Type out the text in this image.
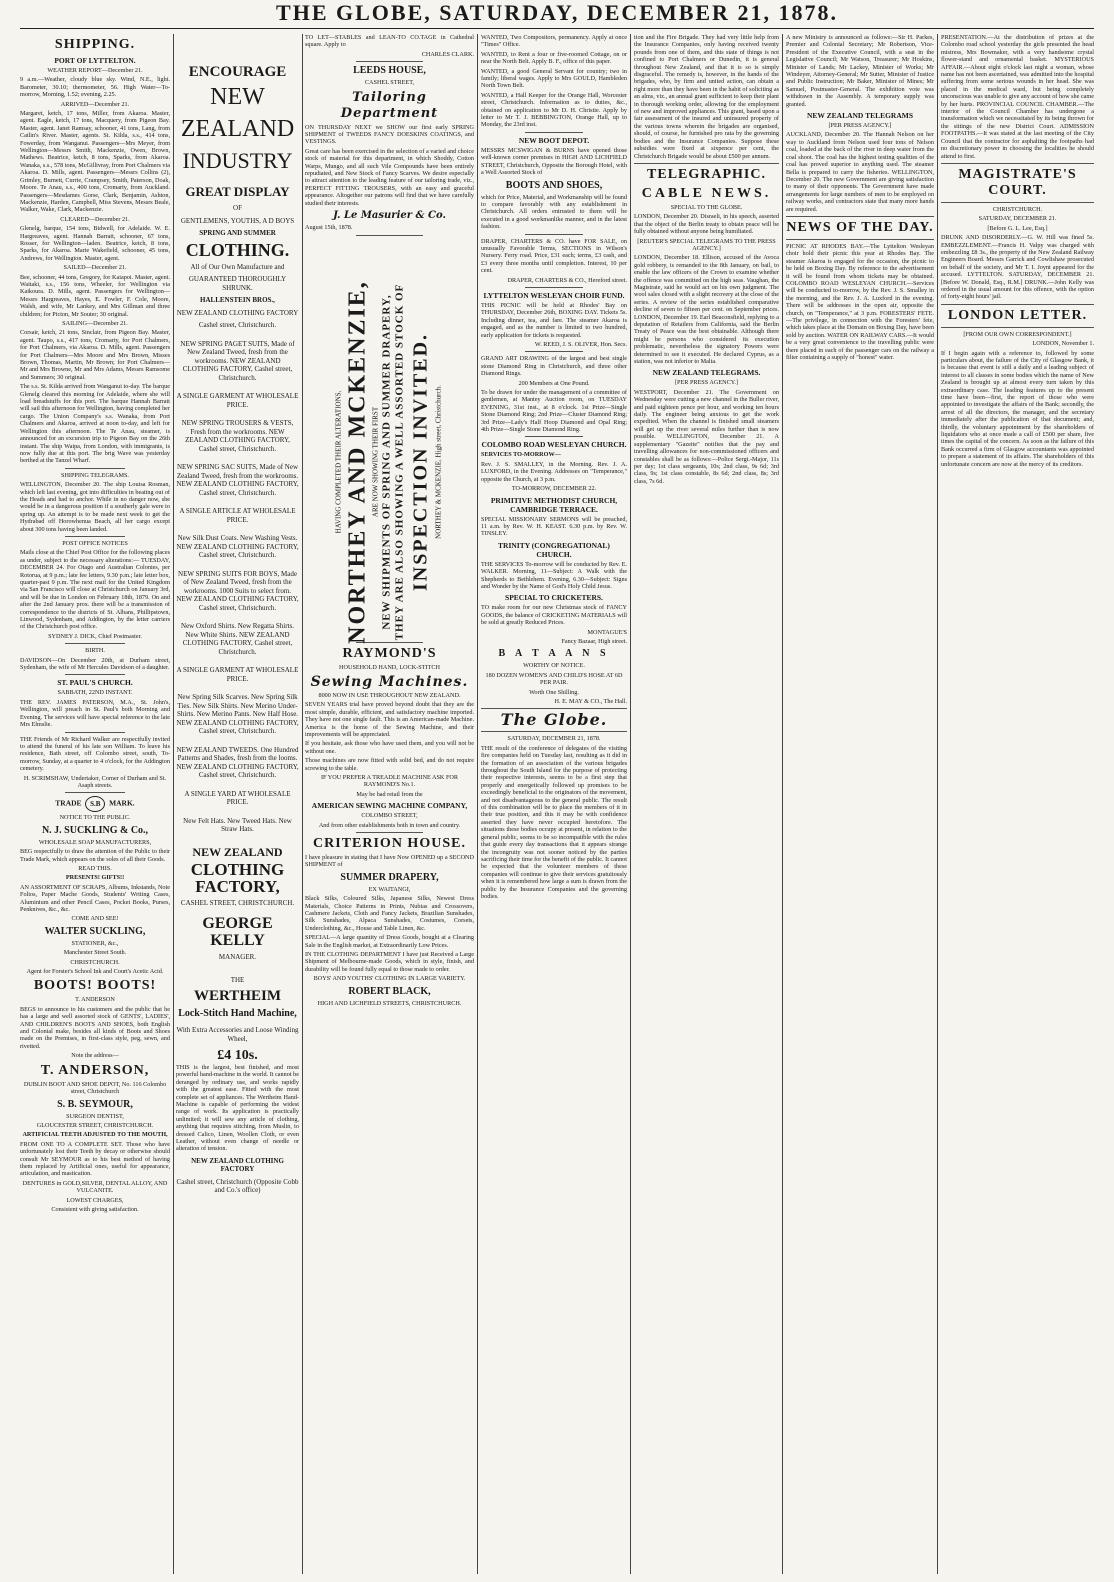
THE GLOBE, SATURDAY, DECEMBER 21, 1878.
SHIPPING.
PORT OF LYTTELTON.

WEATHER REPORT—December 21.

9 a.m.—Weather, cloudy blue sky. Wind, N.E., light. Barometer, 30.10; thermometer, 56. High Water—To-morrow, Morning, 1.52; evening, 2.25.

ARRIVED—December 21.

Margaret, ketch, 17 tons, Miller, from Akaroa. Master, agent. Eagle, ketch, 17 tons, Macquery, from Pigeon Bay. Master, agent. Janet Ramsay, schooner, 41 tons, Lang, from Catlin's River. Master, agents. St. Kilda, s.s., 414 tons, Fowerday, from Wanganui. Passengers—Mrs Meyer, from Wellington—Messrs Smith, Mackenzie, Owen, Brown, Mathews. Beatrice, ketch, 8 tons, Sparks, from Akaroa. Wanaka, s.s., 578 tons, McGillivray, from Port Chalmers via Akaroa. D. Mills, agent. Passengers—Messrs Collins (2), Grimley, Burnett, Currie, Crampsey, Smith, Paterson, Doak, Moore. Te Anau, s.s., 400 tons, Cromarty, from Auckland. Passengers—Mesdames Gorse, Clark, Benjamin, Ashton, Mackenzie, Harden, Campbell, Miss Stevens, Messrs Beale, Walker, Wake, Clark, Mackenzie.

CLEARED—December 21.

Glenelg, barque, 154 tons, Bidwell, for Adelaide. W. E. Hargreaves, agent. Hannah Barratt, schooner, 67 tons, Rosser, for Wellington—laden. Beatrice, ketch, 8 tons, Sparks, for Akaroa. Marie Wakefield, schooner, 45 tons, Andrews, for Wellington. Master, agent.

SAILED—December 21.

Bee, schooner, 44 tons, Gregory, for Kaiapoi. Master, agent. Waitaki, s.s., 156 tons, Wheeler, for Wellington via Kaikoura. D. Mills, agent. Passengers for Wellington—Messrs Hargreaves, Hayes, E. Fowler, F. Cole, Moore, Walsh, and wife, Mr Lankey, and Mrs Gillman and three children; for Picton, Mr Souter; 30 original.

SAILING—December 21.

Corsair, ketch, 21 tons, Sinclair, from Pigeon Bay. Master, agent. Taupo, s.s., 417 tons, Cromarty, for Port Chalmers, for Port Chalmers, via Akaroa. D. Mills, agent. Passengers for Port Chalmers—Mrs Moore and Mrs Brown, Misses Brown, Thomas, Martin, Mr Brown; for Port Chalmers—Mr and Mrs Browne, Mr and Mrs Adams, Messrs Ramsome and Summers; 30 original.

The s.s. St. Kilda arrived from Wanganui to-day. The barque Glenelg cleared this morning for Adelaide, where she will load breadstuffs for this port. The barque Hannah Barratt will sail this afternoon for Wellington, having completed her cargo. The Union Company's s.s. Wanaka, from Port Chalmers and Akaroa, arrived at noon to-day, and left for Wellington this afternoon. The Te Anau, steamer, is announced for an excursion trip to Pigeon Bay on the 26th instant. The ship Waipa, from London, with immigrants, is now fully due at this port. The brig Wave was yesterday berthed at the Tanzel Wharf.

SHIPPING TELEGRAMS.

WELLINGTON, December 20. The ship Louisa Rosman, which left last evening, got into difficulties in beating out of the Heads and had to anchor. While in no danger now, she would be in a dangerous position if a southerly gale were to spring up. An attempt is to be made next week to get the Hydrabad off Horowhenua Beach, all her cargo except about 300 tons having been landed.

POST OFFICE NOTICES

Mails close at the Chief Post Office for the following places as under, subject to the necessary alterations:— TUESDAY, DECEMBER 24. For Otago and Australian Colonies, per Rotorua, at 9 p.m.; late fee letters, 9.30 p.m.; late letter box, quarter-past 9 p.m. The next mail for the United Kingdom via San Francisco will close at Christchurch on January 3rd, and will be due in London on February 18th, 1879. On and after the 2nd January prox. there will be a transmission of correspondence to the districts of St. Albans, Phillipstown, Linwood, Sydenham, and Addington, by the letter carriers of the Christchurch post office.

SYDNEY J. DICK, Chief Postmaster.

BIRTH.

DAVIDSON—On December 20th, at Durham street, Sydenham, the wife of Mr Hercules Davidson of a daughter.

ST. PAUL'S CHURCH.

SABBATH, 22ND INSTANT.

THE REV. JAMES PATERSON, M.A., St. John's, Wellington, will preach in St. Paul's both Morning and Evening. The services will have special reference to the late Mrs Elmslie.

THE Friends of Mr Richard Walker are respectfully invited to attend the funeral of his late son William. To leave his residence, Bath street, off Colombo street, south, To-morrow, Sunday, at a quarter to 4 o'clock, for the Addington cemetery.

H. SCRIMSHAW, Undertaker, Corner of Durham and St. Asaph streets.

TRADE S.B MARK.

NOTICE TO THE PUBLIC.

N. J. SUCKLING & Co.,

WHOLESALE SOAP MANUFACTURERS,

BEG respectfully to draw the attention of the Public to their Trade Mark, which appears on the soles of all their Goods.

READ THIS.

PRESENTS! GIFTS!!

AN ASSORTMENT OF SCRAPS, Albums, Inkstands, Note Folios, Paper Mache Goods, Students' Writing Cases, Aluminium and other Pencil Cases, Pocket Books, Purses, Penknives, &c., &c.

COME AND SEE!

WALTER SUCKLING,

STATIONER, &c.,

Manchester Street South.

CHRISTCHURCH.

Agent for Forster's School Ink and Court's Acetic Acid.

BOOTS! BOOTS!

T. ANDERSON

BEGS to announce to his customers and the public that he has a large and well assorted stock of GENTS', LADIES', AND CHILDREN'S BOOTS AND SHOES, both English and Colonial make, besides all kinds of Boots and Shoes made on the Premises, in first-class style, peg, sewn, and rivetted.

Note the address—

T. ANDERSON,

DUBLIN BOOT AND SHOE DEPOT, No. 116 Colombo street, Christchurch

S. B. SEYMOUR,

SURGEON DENTIST,

GLOUCESTER STREET, CHRISTCHURCH.

ARTIFICIAL TEETH ADJUSTED TO THE MOUTH,

FROM ONE TO A COMPLETE SET. Those who have unfortunately lost their Teeth by decay or otherwise should consult Mr SEYMOUR as to his best method of having them replaced by Artificial ones, useful for appearance, articulation, and mastication.

DENTURES in GOLD,SILVER, DENTAL ALLOY, AND VULCANITE.

LOWEST CHARGES,

Consistent with giving satisfaction.

ENCOURAGE
NEW ZEALAND
INDUSTRY
GREAT DISPLAY
OF
GENTLEMENS, YOUTHS, A D BOYS
SPRING AND SUMMER
CLOTHING.
All of Our Own Manufacture and
GUARANTEED THOROUGHLY SHRUNK.
HALLENSTEIN BROS.,
NEW ZEALAND CLOTHING FACTORY
Cashel street, Christchurch.
NEW SPRING PAGET SUITS, Made of New Zealand Tweed, fresh from the workrooms. NEW ZEALAND CLOTHING FACTORY, Cashel street, Christchurch.
A SINGLE GARMENT AT WHOLESALE PRICE.
NEW SPRING TROUSERS & VESTS, Fresh from the workrooms. NEW ZEALAND CLOTHING FACTORY, Cashel street, Christchurch.
NEW SPRING SAC SUITS, Made of New Zealand Tweed, fresh from the workrooms. NEW ZEALAND CLOTHING FACTORY, Cashel street, Christchurch.
A SINGLE ARTICLE AT WHOLESALE PRICE.
New Silk Dust Coats. New Washing Vests. NEW ZEALAND CLOTHING FACTORY, Cashel street, Christchurch.
NEW SPRING SUITS FOR BOYS, Made of New Zealand Tweed, fresh from the workrooms. 1000 Suits to select from. NEW ZEALAND CLOTHING FACTORY, Cashel street, Christchurch.
New Oxford Shirts. New Regatta Shirts. New White Shirts. NEW ZEALAND CLOTHING FACTORY, Cashel street, Christchurch.
A SINGLE GARMENT AT WHOLESALE PRICE.
New Spring Silk Scarves. New Spring Silk Ties. New Silk Shirts. New Merino Under-Shirts. New Merino Pants. New Half Hose. NEW ZEALAND CLOTHING FACTORY, Cashel street, Christchurch.
NEW ZEALAND TWEEDS. One Hundred Patterns and Shades, fresh from the looms. NEW ZEALAND CLOTHING FACTORY, Cashel street, Christchurch.
A SINGLE YARD AT WHOLESALE PRICE.
New Felt Hats. New Tweed Hats. New Straw Hats.
NEW ZEALAND
CLOTHING FACTORY,
CASHEL STREET, CHRISTCHURCH.
GEORGE KELLY
MANAGER.
THE
WERTHEIM
Lock-Stitch Hand Machine,
With Extra Accessories and Loose Winding Wheel,
£4 10s.

THIS is the largest, best finished, and most powerful hand-machine in the world. It cannot be deranged by ordinary use, and works rapidly with the greatest ease. Fitted with the most complete set of appliances. The Wertheim Hand-Machine is capable of performing the widest range of work. Its application is practically unlimited; it will sew any article of clothing, anything that requires stitching, from Muslin, to dressed Calico, Linen, Woollen Cloth, or even Leather, without even change of needle or alteration of tension.

NEW ZEALAND CLOTHING FACTORY
Cashel street, Christchurch (Opposite Cobb and Co.'s office)

TO LET—STABLES and LEAN-TO CO.TAGE in Cathedral square. Apply to

CHARLES CLARK.

LEEDS HOUSE,

CASHEL STREET,

Tailoring Department

ON THURSDAY NEXT we SHOW our first early SPRING SHIPMENT of TWEEDS FANCY DOESKINS COATINGS, and VESTINGS.

Great care has been exercised in the selection of a varied and choice stock of material for this department, in which Shoddy, Cotton Warps, Mungo, and all such Vile Compounds have been entirely repudiated, and New Stock of Fancy Scarves. We desire especially to attract attention to the leading feature of our tailoring trade, viz., PERFECT FITTING TROUSERS, with an easy and graceful appearance. Altogether our patrons will find that we have carefully studied their interests.

J. Le Masurier & Co.

August 15th, 1878.

RAYMOND'S

HOUSEHOLD HAND, LOCK-STITCH

Sewing Machines.

8000 NOW IN USE THROUGHOUT NEW ZEALAND.

SEVEN YEARS trial have proved beyond doubt that they are the most simple, durable, efficient, and satisfactory machine imported. They have not one single fault. This is an American-made Machine. America is the home of the Sewing Machine, and their improvements will be appreciated.

If you hesitate, ask those who have used them, and you will not be without one.

Those machines are now fitted with solid bed, and do not require screwing to the table.

IF YOU PREFER A TREADLE MACHINE ASK FOR RAYMOND'S No.1.

May be had retail from the

AMERICAN SEWING MACHINE COMPANY,

COLOMBO STREET,

And from other establishments both in town and country.

CRITERION HOUSE.

I have pleasure in stating that I have Now OPENED up a SECOND SHIPMENT of

SUMMER DRAPERY,

EX WAITANGI,

Black Silks, Coloured Silks, Japanese Silks, Newest Dress Materials, Choice Patterns in Prints, Nubias and Crossovers, Cashmere Jackets, Cloth and Fancy Jackets, Brazilian Sunshades, Silk Sunshades, Alpaca Sunshades, Costumes, Corsets, Underclothing, &c., House and Table Linen, &c.

SPECIAL—A large quantity of Dress Goods, bought at a Clearing Sale in the English market, at Extraordinarily Low Prices.

IN THE CLOTHING DEPARTMENT I have just Received a Large Shipment of Melbourne-made Goods, which in style, finish, and durability will be found fully equal to those made to order.

BOYS' AND YOUTHS' CLOTHING IN LARGE VARIETY.

ROBERT BLACK,

HIGH AND LICHFIELD STREETS, CHRISTCHURCH.

HAVING COMPLETED THEIR ALTERATIONS, NORTHEY AND MCKENZIE, ARE NOW SHOWING THEIR FIRST NEW SHIPMENTS OF SPRING AND SUMMER DRAPERY, THEY ARE ALSO SHOWING A WELL ASSORTED STOCK OF INSPECTION INVITED. NORTHEY & MCKENZIE, High street, Christchurch.

WANTED, Two Compositors, permanency. Apply at once "Times" Office.

WANTED, to Rent a four or five-roomed Cottage, on or near the North Belt. Apply B. F., office of this paper.

WANTED, a good General Servant for country; two in family; liberal wages. Apply to Mrs GOULD, Hambleden North Town Belt.

WANTED, a Hall Keeper for the Orange Hall, Worcester street, Christchurch. Information as to duties, &c., obtained on application to Mr D. H. Christie. Apply by letter to Mr T. J. BEBBINGTON, Orange Hall, up to Monday, the 23rd inst.

NEW BOOT DEPOT.

MESSRS MCSWIGAN & BURNS have opened those well-known corner premises in HIGH AND LICHFIELD STREET, Christchurch, Opposite the Borough Hotel, with a Well Assorted Stock of

BOOTS AND SHOES,

which for Price, Material, and Workmanship will be found to compare favorably with any establishment in Christchurch. All orders entrusted to them will be executed in a good workmanlike manner, and in the latest fashion.

DRAPER, CHARTERS & CO. have FOR SALE, on unusually Favorable Terms, SECTIONS in Wilson's Nursery. Ferry road. Price, £31 each; terms, £3 cash, and £3 every three months until completion. Interest, 10 per cent.

DRAPER, CHARTERS & CO., Hereford street.

LYTTELTON WESLEYAN CHOIR FUND.

THIS PICNIC will be held at Rhodes' Bay on THURSDAY, December 26th, BOXING DAY. Tickets 5s. Including dinner, tea, and fare. The steamer Akaroa is engaged, and as the number is limited to two hundred, early application for tickets is requested.

W. REED, J. S. OLIVER, Hon. Secs.

GRAND ART DRAWING of the largest and best single stone Diamond Ring in Christchurch, and three other Diamond Rings.

200 Members at One Pound.

To be drawn for under the management of a committee of gentlemen, at Mantey Auction room, on TUESDAY EVENING, 31st inst., at 8 o'clock. 1st Prize—Single Stone Diamond Ring; 2nd Prize—Cluster Diamond Ring; 3rd Prize—Lady's Half Hoop Diamond and Opal Ring; 4th Prize—Single Stone Diamond Ring.

COLOMBO ROAD WESLEYAN CHURCH.

SERVICES TO-MORROW—

Rev. J. S. SMALLEY, in the Morning. Rev. J. A. LUXFORD, in the Evening. Addresses on "Temperance," opposite the Church, at 3 p.m.

TO-MORROW, DECEMBER 22.

PRIMITIVE METHODIST CHURCH, CAMBRIDGE TERRACE.

SPECIAL MISSIONARY SERMONS will be preached, 11 a.m. by Rev. W. H. KEAST. 6.30 p.m. by Rev. W. TINSLEY.

TRINITY (CONGREGATIONAL) CHURCH.

THE SERVICES To-morrow will be conducted by Rev. E. WALKER. Morning, 11—Subject: A Walk with the Shepherds to Bethlehem. Evening, 6.30—Subject: Signs and Wonder by the Name of God's Holy Child Jesus.

SPECIAL TO CRICKETERS.

TO make room for our new Christmas stock of FANCY GOODS, the balance of CRICKETING MATERIALS will be sold at greatly Reduced Prices.

MONTAGUE'S

Fancy Bazaar, High street.

B A T A A N S

WORTHY OF NOTICE.

180 DOZEN WOMEN'S AND CHILD'S HOSE AT 6D PER PAIR.

Worth One Shilling.

H. E. MAY & CO., The Hall.

The Globe.

SATURDAY, DECEMBER 21, 1878.

THE result of the conference of delegates of the visiting fire companies held on Tuesday last, resulting as it did in the formation of an association of the various brigades throughout the South Island for the purpose of protecting their respective interests, seems to be a first step that properly and energetically followed up promises to be exceedingly beneficial to the originators of the movement, and not disadvantageous to the general public. The result of this combination will be to place the members of it in their true position, and this it may be with confidence asserted they have never occupied heretofore. The situations these bodies occupy at present, in relation to the general public, seems to be so incompatible with the rules that guide every day transactions that it appears strange the incongruity was not sooner noticed by the parties sacrificing their time for the benefit of the public. It cannot be expected that the volunteer members of these companies will continue to give their services gratuitously when it is remembered how large a sum is drawn from the public by the Insurance Companies and the governing bodies.

tion and the Fire Brigade. They had very little help from the Insurance Companies, only having received twenty pounds from one of them, and this state of things is not confined to Port Chalmers or Dunedin, it is general throughout New Zealand, and that it is so is simply disgraceful. The remedy is, however, in the hands of the brigades, who, by firm and united action, can obtain a right more than they have been in the habit of soliciting as an alms, viz., an annual grant sufficient to keep their plant in thorough working order, allowing for the employment of new and improved appliances. This grant, based upon a fair assessment of the insured and uninsured property of the various towns wherein the brigades are organised, should, of course, be furnished pro rata by the governing bodies and the Insurance Companies. Suppose these subsidies were fixed at sixpence per cent, the Christchurch Brigade would be about £500 per annum.

TELEGRAPHIC.
CABLE NEWS.

SPECIAL TO THE GLOBE.

LONDON, December 20. Disraeli, in his speech, asserted that the object of the Berlin treaty to obtain peace will be fully obtained without anyone being humiliated.

[REUTER'S SPECIAL TELEGRAMS TO THE PRESS AGENCY.]

LONDON, December 18. Ellison, accused of the Avoca gold robbery, is remanded to the 8th January, on bail, to enable the law officers of the Crown to examine whether the offence was committed on the high seas. Vaughan, the Magistrate, said he would act on his own judgment. The wool sales closed with a slight recovery at the close of the series. A review of the series established comparative decline of seven to fifteen per cent. on September prices. LONDON, December 19. Earl Beaconsfield, replying to a deputation of Retailers from California, said the Berlin Treaty of Peace was the best obtainable. Although there might be persons who considered its execution problematic, nevertheless the signatory Powers were determined to see it executed. He declared Cyprus, as a station, was not inferior to Malta.

NEW ZEALAND TELEGRAMS.

[PER PRESS AGENCY.]

WESTPORT, December 21. The Government on Wednesday were cutting a new channel in the Buller river, and paid eighteen pence per hour, and working ten hours daily. The engineer being anxious to get the work expedited. When the channel is finished small steamers will get up the river several miles further than is now possible. WELLINGTON, December 21. A supplementary "Gazette" notifies that the pay and travelling allowances for non-commissioned officers and constables shall be as follows:—Police Sergt.-Major, 11s per day; 1st class sergeants, 10s; 2nd class, 9s 6d; 3rd class, 9s; 1st class constable, 8s 6d; 2nd class, 8s; 3rd class, 7s 6d.

A new Ministry is announced as follows:—Sir H. Parkes, Premier and Colonial Secretary; Mr Robertson, Vice-President of the Executive Council, with a seat in the Legislative Council; Mr Watson, Treasurer; Mr Hoskins, Minister of Lands; Mr Lackey, Minister of Works; Mr Windeyer, Attorney-General; Mr Sutter, Minister of Justice and Public Instruction; Mr Baker, Minister of Mines; Mr Samuel, Postmaster-General. The exhibition vote was withdrawn in the Assembly. A temporary supply was granted.

NEW ZEALAND TELEGRAMS

[PER PRESS AGENCY.]

AUCKLAND, December 20. The Hannah Nelson on her way to Auckland from Nelson used four tons of Nelson coal, loaded at the back of the river in deep water from the coal shoot. The coal has the highest testing qualities of the coal has proved superior to anything used. The steamer Bella is prepared to carry the fisheries. WELLINGTON, December 20. The new Government are giving satisfaction to many of their opponents. The Government have made arrangements for large numbers of men to be employed on railway works, and contractors state that many more hands are required.

NEWS OF THE DAY.

PICNIC AT RHODES BAY.—The Lyttelton Wesleyan choir hold their picnic this year at Rhodes Bay. The steamer Akaroa is engaged for the occasion, the picnic to be held on Boxing Day. By reference to the advertisement it will be found from whom tickets may be obtained. COLOMBO ROAD WESLEYAN CHURCH.—Services will be conducted to-morrow, by the Rev. J. S. Smalley in the morning, and the Rev. J. A. Luxford in the evening. There will be addresses in the open air, opposite the church, on "Temperance," at 3 p.m. FORESTERS' FETE.—The privilege, in connection with the Foresters' fete, which takes place at the Domain on Boxing Day, have been sold by auction. WATER ON RAILWAY CARS.—It would be a very great convenience to the travelling public were there placed in each of the passenger cars on the railway a filter containing a supply of "honest" water.

PRESENTATION.—At the distribution of prizes at the Colombo road school yesterday the girls presented the head mistress, Mrs Bowmaker, with a very handsome crystal flower-stand and ornamental basket. MYSTERIOUS AFFAIR.—About eight o'clock last night a woman, whose name has not been ascertained, was admitted into the hospital suffering from some serious wounds in her head. She was placed in the medical ward, but being completely unconscious was unable to give any account of how she came by her hurts. PROVINCIAL COUNCIL CHAMBER.—The interior of the Council Chamber has undergone a transformation which we necessitated by its being thrown for the sittings of the new District Court. ADMISSION FOOTPATHS.—It was stated at the last meeting of the City Council that the contractor for asphalting the footpaths had no discretionary power in choosing the localities he should attend to first.

MAGISTRATE'S COURT.

CHRISTCHURCH.

SATURDAY, DECEMBER 21.

[Before G. L. Lee, Esq.]

DRUNK AND DISORDERLY.—G. W. Hill was fined 5s. EMBEZZLEMENT.—Francis H. Valpy was charged with embezzling £8 3s., the property of the New Zealand Railway Engineers Board. Messrs Garrick and Cowlishaw prosecuted on behalf of the society, and Mr T. I. Joynt appeared for the accused. LYTTELTON. SATURDAY, DECEMBER 21. [Before W. Donald, Esq., R.M.] DRUNK.—John Kelly was ordered in the usual amount for this offence, with the option of forty-eight hours' jail.

LONDON LETTER.

[FROM OUR OWN CORRESPONDENT.]

LONDON, November 1.

If I begin again with a reference to, followed by some particulars about, the failure of the City of Glasgow Bank, it is because that event is still a daily and a leading subject of interest to all classes in some bodies which the name of New Zealand is brought up at almost every turn taken by this extraordinary case. The leading features up to the present time have been—first, the report of those who were appointed to investigate the affairs of the Bank; secondly, the arrest of all the directors, the manager, and the secretary immediately after the publication of that document; and, thirdly, the voluntary appointment by the shareholders of liquidators who at once made a call of £500 per share, five times the capital of the concern. As soon as the failure of this Bank occurred a firm of Glasgow accountants was appointed to prepare a statement of its affairs. The shareholders of this unfortunate concern are now at the mercy of its creditors.
